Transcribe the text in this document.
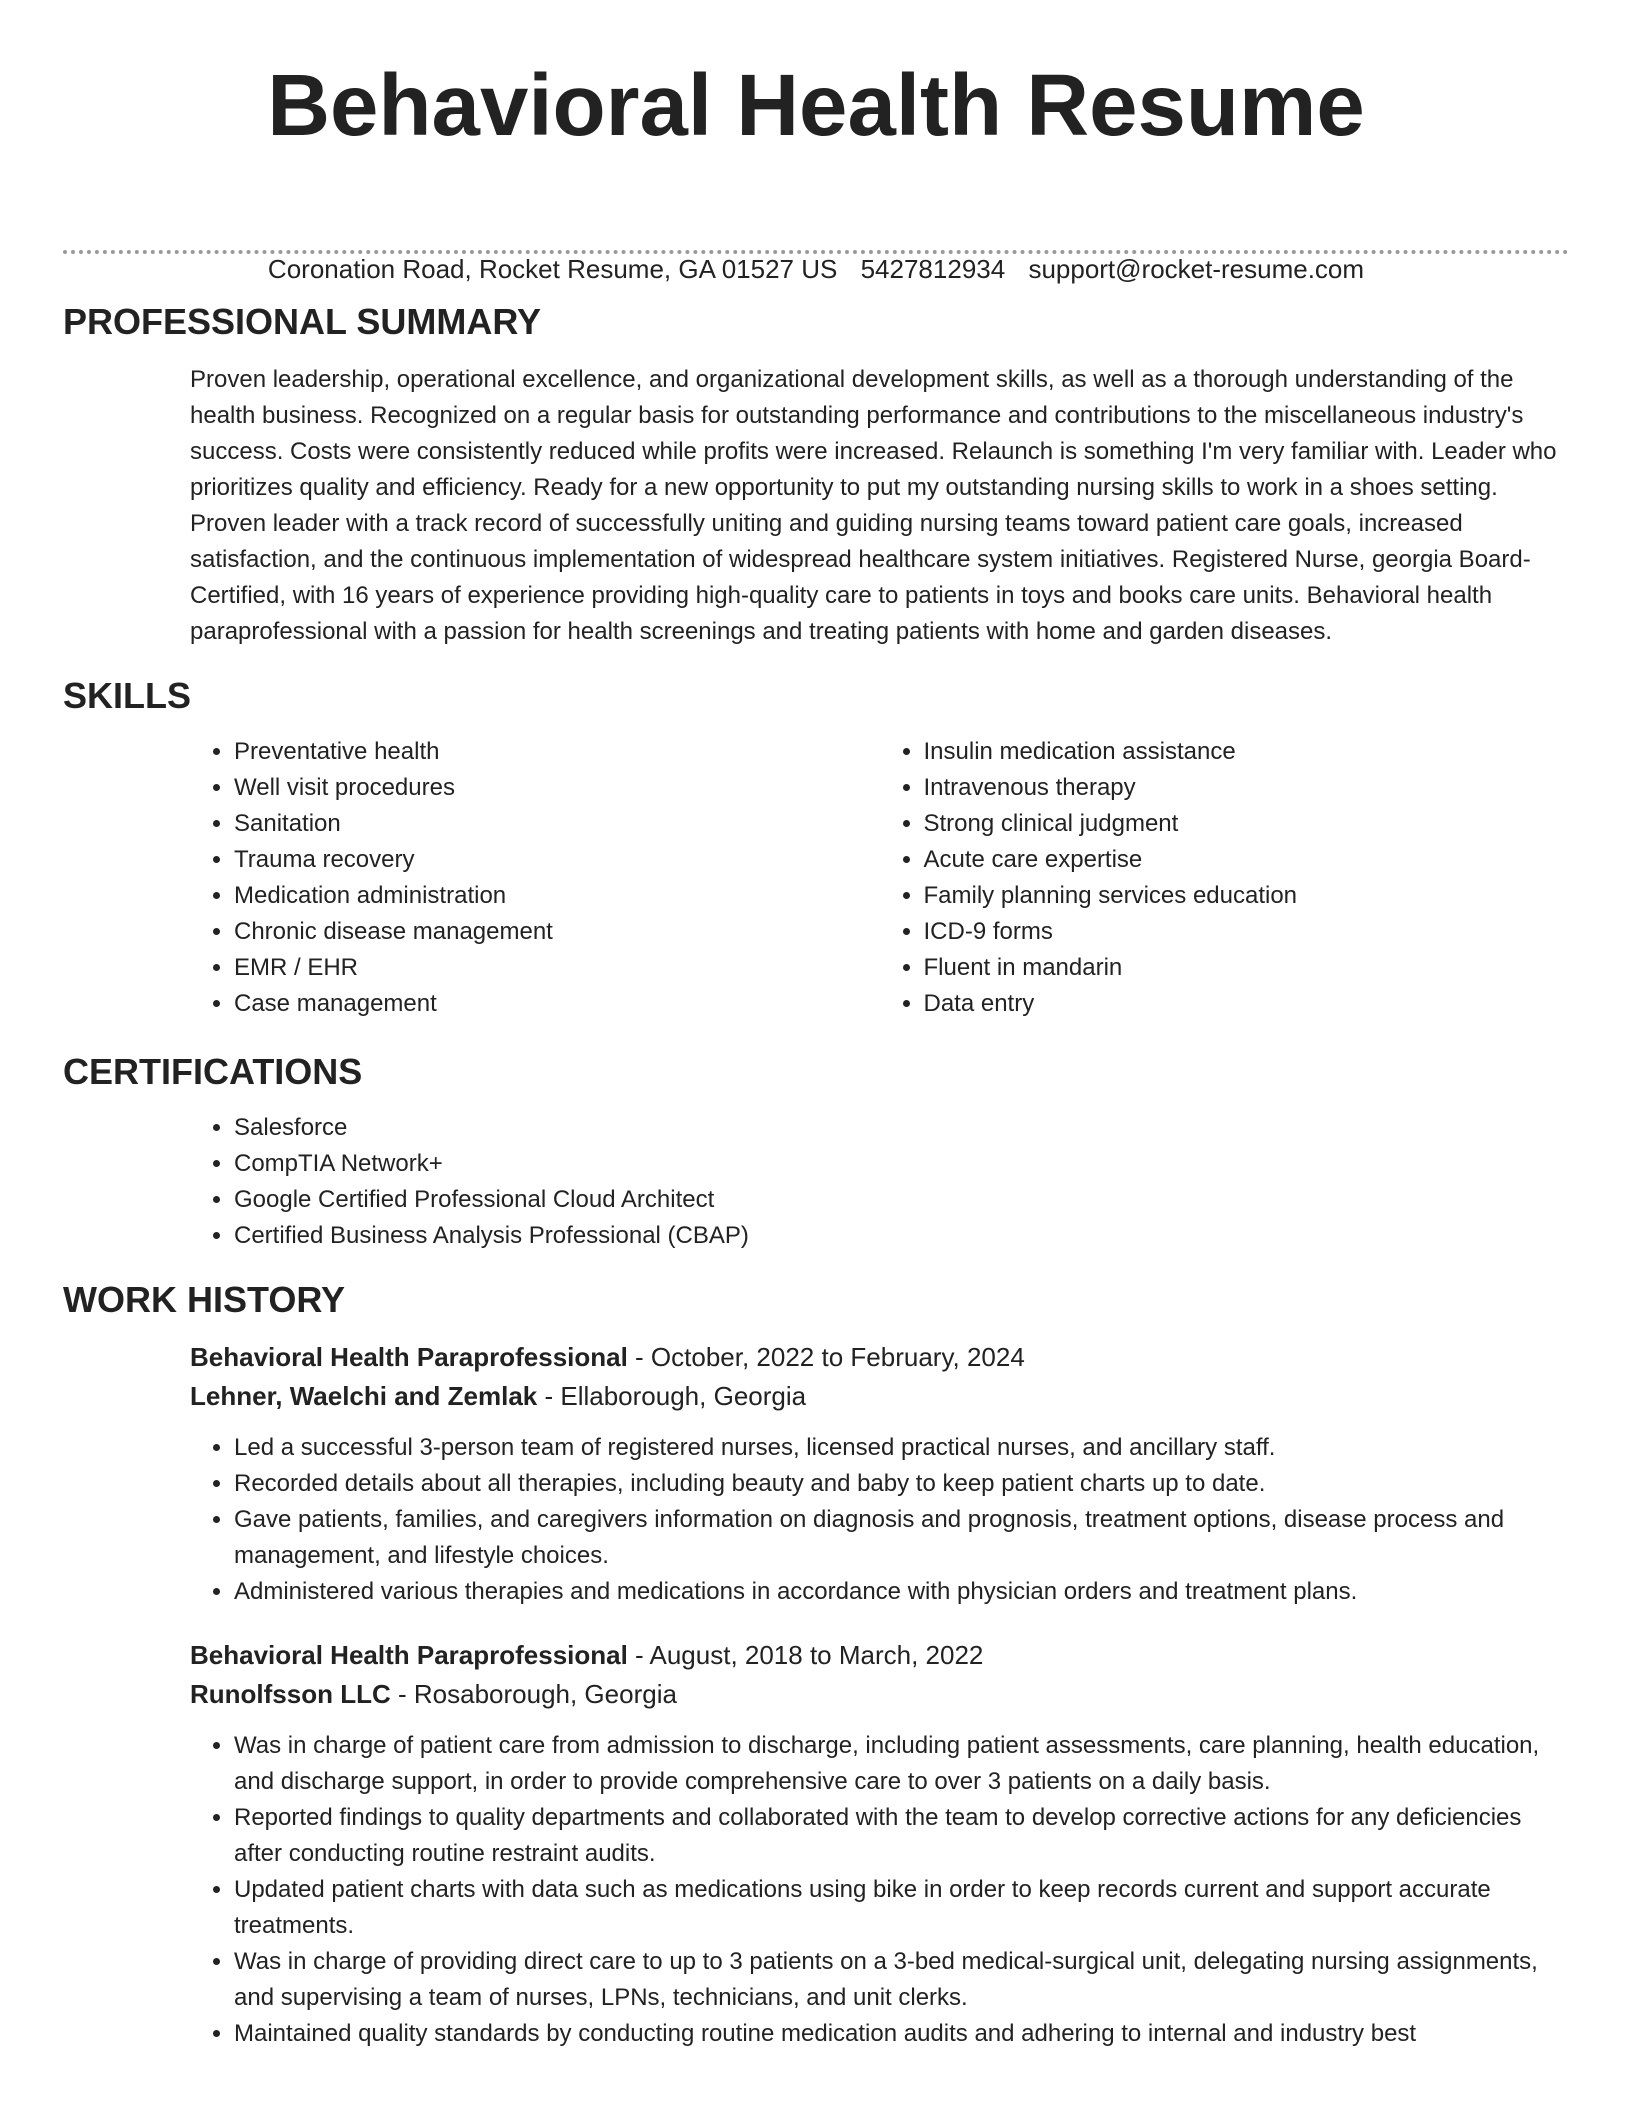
Behavioral Health Resume
Coronation Road, Rocket Resume, GA 01527 US 5427812934 support@rocket-resume.com
PROFESSIONAL SUMMARY
Proven leadership, operational excellence, and organizational development skills, as well as a thorough understanding of the health business. Recognized on a regular basis for outstanding performance and contributions to the miscellaneous industry's success. Costs were consistently reduced while profits were increased. Relaunch is something I'm very familiar with. Leader who prioritizes quality and efficiency. Ready for a new opportunity to put my outstanding nursing skills to work in a shoes setting. Proven leader with a track record of successfully uniting and guiding nursing teams toward patient care goals, increased satisfaction, and the continuous implementation of widespread healthcare system initiatives. Registered Nurse, georgia Board-Certified, with 16 years of experience providing high-quality care to patients in toys and books care units. Behavioral health paraprofessional with a passion for health screenings and treating patients with home and garden diseases.
SKILLS
• Preventative health
• Well visit procedures
• Sanitation
• Trauma recovery
• Medication administration
• Chronic disease management
• EMR / EHR
• Case management
• Insulin medication assistance
• Intravenous therapy
• Strong clinical judgment
• Acute care expertise
• Family planning services education
• ICD-9 forms
• Fluent in mandarin
• Data entry
CERTIFICATIONS
• Salesforce
• CompTIA Network+
• Google Certified Professional Cloud Architect
• Certified Business Analysis Professional (CBAP)
WORK HISTORY
Behavioral Health Paraprofessional - October, 2022 to February, 2024
Lehner, Waelchi and Zemlak - Ellaborough, Georgia
• Led a successful 3-person team of registered nurses, licensed practical nurses, and ancillary staff.
• Recorded details about all therapies, including beauty and baby to keep patient charts up to date.
• Gave patients, families, and caregivers information on diagnosis and prognosis, treatment options, disease process and management, and lifestyle choices.
• Administered various therapies and medications in accordance with physician orders and treatment plans.
Behavioral Health Paraprofessional - August, 2018 to March, 2022
Runolfsson LLC - Rosaborough, Georgia
• Was in charge of patient care from admission to discharge, including patient assessments, care planning, health education, and discharge support, in order to provide comprehensive care to over 3 patients on a daily basis.
• Reported findings to quality departments and collaborated with the team to develop corrective actions for any deficiencies after conducting routine restraint audits.
• Updated patient charts with data such as medications using bike in order to keep records current and support accurate treatments.
• Was in charge of providing direct care to up to 3 patients on a 3-bed medical-surgical unit, delegating nursing assignments, and supervising a team of nurses, LPNs, technicians, and unit clerks.
• Maintained quality standards by conducting routine medication audits and adhering to internal and industry best
